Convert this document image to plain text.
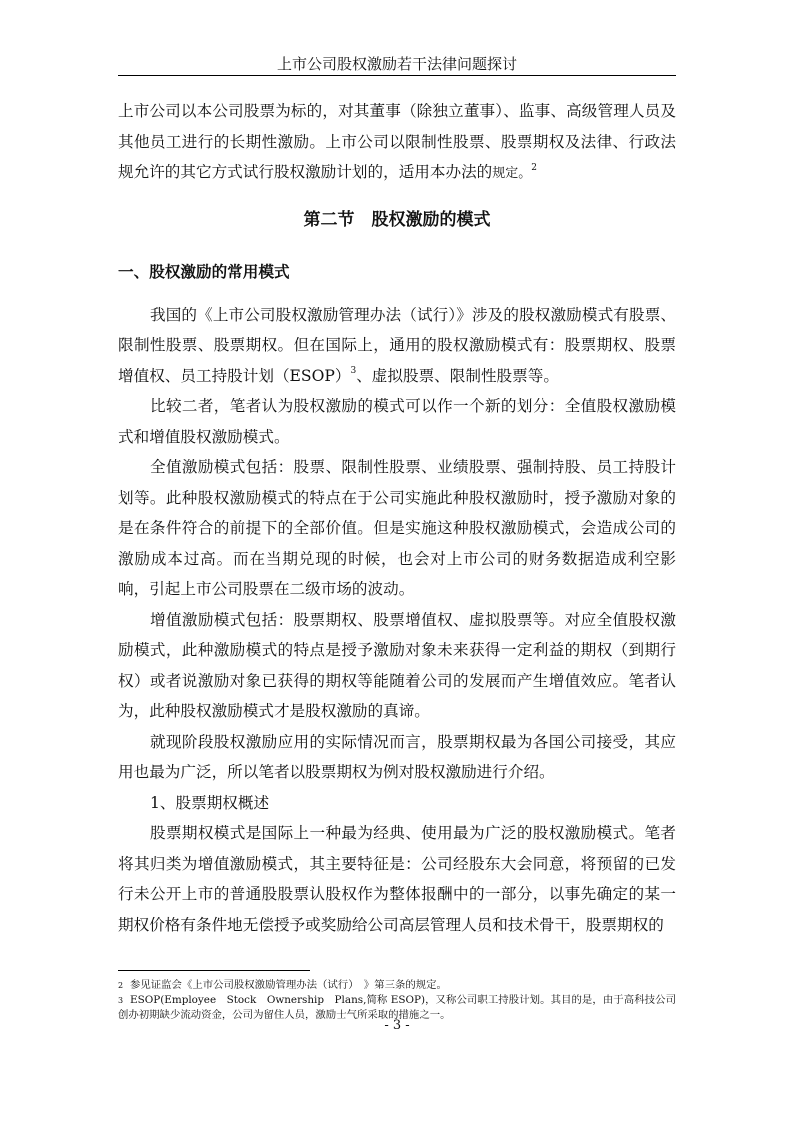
上市公司股权激励若干法律问题探讨

上市公司以本公司股票为标的，对其董事（除独立董事）、监事、高级管理人员及其他员工进行的长期性激励。上市公司以限制性股票、股票期权及法律、行政法规允许的其它方式试行股权激励计划的，适用本办法的规定。$^2$

第二节　股权激励的模式
一、股权激励的常用模式

我国的《上市公司股权激励管理办法（试行）》涉及的股权激励模式有股票、限制性股票、股票期权。但在国际上，通用的股权激励模式有：股票期权、股票增值权、员工持股计划（ESOP）$^3$、虚拟股票、限制性股票等。

比较二者，笔者认为股权激励的模式可以作一个新的划分：全值股权激励模式和增值股权激励模式。

全值激励模式包括：股票、限制性股票、业绩股票、强制持股、员工持股计划等。此种股权激励模式的特点在于公司实施此种股权激励时，授予激励对象的是在条件符合的前提下的全部价值。但是实施这种股权激励模式，会造成公司的激励成本过高。而在当期兑现的时候，也会对上市公司的财务数据造成利空影响，引起上市公司股票在二级市场的波动。

增值激励模式包括：股票期权、股票增值权、虚拟股票等。对应全值股权激励模式，此种激励模式的特点是授予激励对象未来获得一定利益的期权（到期行权）或者说激励对象已获得的期权等能随着公司的发展而产生增值效应。笔者认为，此种股权激励模式才是股权激励的真谛。

就现阶段股权激励应用的实际情况而言，股票期权最为各国公司接受，其应用也最为广泛，所以笔者以股票期权为例对股权激励进行介绍。

1、股票期权概述

股票期权模式是国际上一种最为经典、使用最为广泛的股权激励模式。笔者将其归类为增值激励模式，其主要特征是：公司经股东大会同意，将预留的已发行未公开上市的普通股股票认股权作为整体报酬中的一部分，以事先确定的某一期权价格有条件地无偿授予或奖励给公司高层管理人员和技术骨干，股票期权的

2 参见证监会《上市公司股权激励管理办法（试行）　》第三条的规定。

3 ESOP(Employee　Stock　Ownership　Plans,简称 ESOP)，又称公司职工持股计划。其目的是，由于高科技公司创办初期缺少流动资金，公司为留住人员，激励士气所采取的措施之一。

- 3 -
